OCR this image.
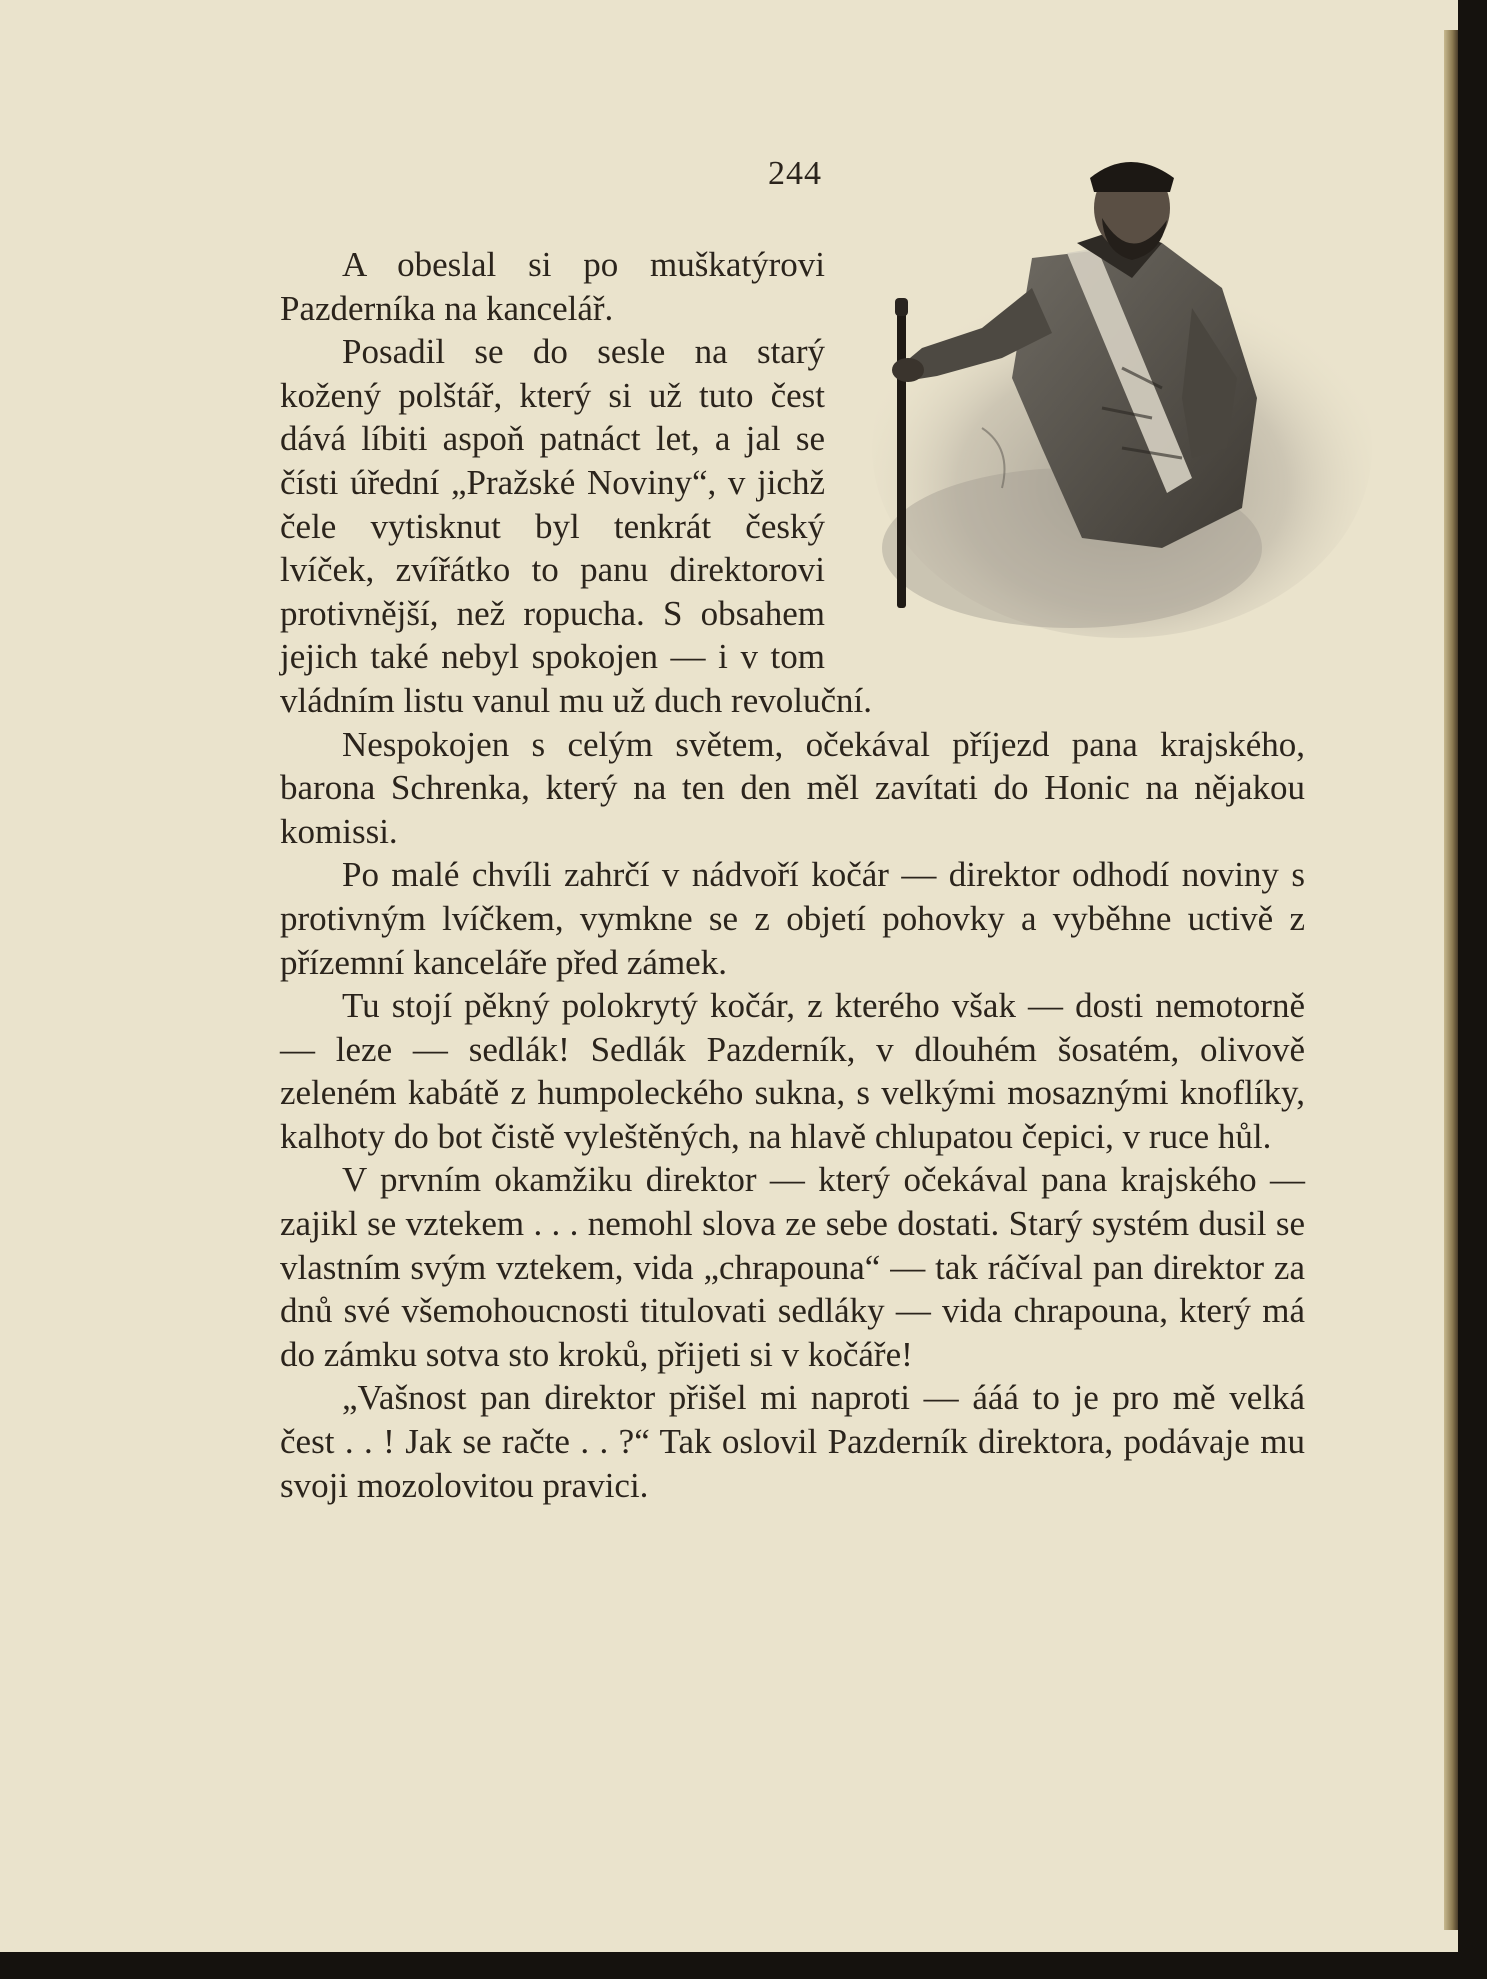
244

A obeslal si po muškatýrovi Pazderníka na kancelář.

Posadil se do sesle na starý kožený polštář, který si už tuto čest dává líbiti aspoň patnáct let, a jal se čísti úřední „Pražské Noviny“, v jichž čele vytisknut byl tenkrát český lvíček, zvířátko to panu direktorovi protivnější, než ropucha. S obsahem jejich také nebyl spokojen — i v tom vládním listu vanul mu už duch revoluční.

Nespokojen s celým světem, očekával příjezd pana krajského, barona Schrenka, který na ten den měl zavítati do Honic na nějakou komissi.

Po malé chvíli zahrčí v nádvoří kočár — direktor odhodí noviny s protivným lvíčkem, vymkne se z objetí pohovky a vyběhne uctivě z přízemní kanceláře před zámek.

Tu stojí pěkný polokrytý kočár, z kterého však — dosti nemotorně — leze — sedlák! Sedlák Pazderník, v dlouhém šosatém, olivově zeleném kabátě z humpoleckého sukna, s velkými mosaznými knoflíky, kalhoty do bot čistě vyleštěných, na hlavě chlupatou čepici, v ruce hůl.

V prvním okamžiku direktor — který očekával pana krajského — zajikl se vztekem . . . nemohl slova ze sebe dostati. Starý systém dusil se vlastním svým vztekem, vida „chrapouna“ — tak ráčíval pan direktor za dnů své všemohoucnosti titulovati sedláky — vida chrapouna, který má do zámku sotva sto kroků, přijeti si v kočáře!

„Vašnost pan direktor přišel mi naproti — ááá to je pro mě velká čest . . ! Jak se račte . . ?“ Tak oslovil Pazderník direktora, podávaje mu svoji mozolovitou pravici.
